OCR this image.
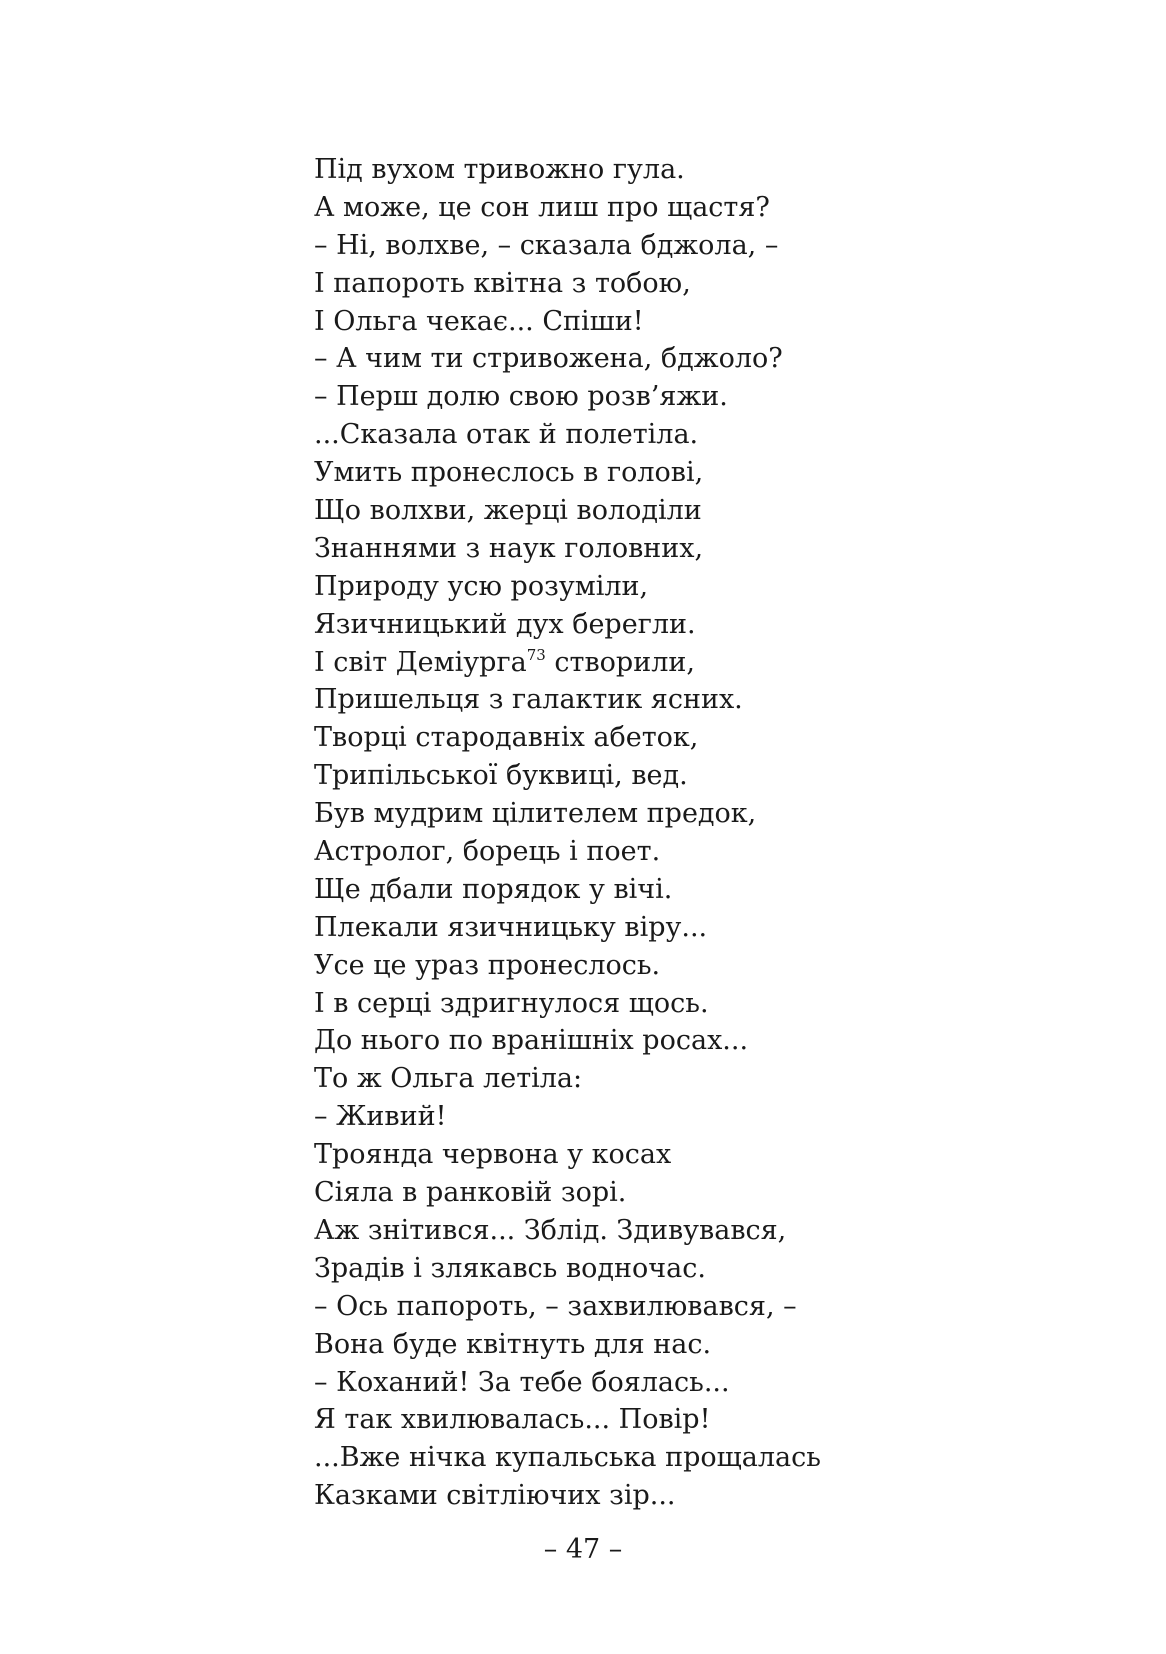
Під вухом тривожно гула.
А може, це сон лиш про щастя?
– Ні, волхве, – сказала бджола, –
І папороть квітна з тобою,
І Ольга чекає... Спіши!
– А чим ти стривожена, бджоло?
– Перш долю свою розв’яжи.
...Сказала отак й полетіла.
Умить пронеслось в голові,
Що волхви, жерці володіли
Знаннями з наук головних,
Природу усю розуміли,
Язичницький дух берегли.
І світ Деміурга$^{73}$ створили,
Пришельця з галактик ясних.
Творці стародавніх абеток,
Трипільської буквиці, вед.
Був мудрим цілителем предок,
Астролог, борець і поет.
Ще дбали порядок у вічі.
Плекали язичницьку віру...
Усе це ураз пронеслось.
І в серці здригнулося щось.
До нього по вранішніх росах...
То ж Ольга летіла:
– Живий!
Троянда червона у косах
Сіяла в ранковій зорі.
Аж знітився... Зблід. Здивувався,
Зрадів і злякавсь водночас.
– Ось папороть, – захвилювався, –
Вона буде квітнуть для нас.
– Коханий! За тебе боялась...
Я так хвилювалась... Повір!
...Вже нічка купальська прощалась
Казками світліючих зір...
– 47 –
